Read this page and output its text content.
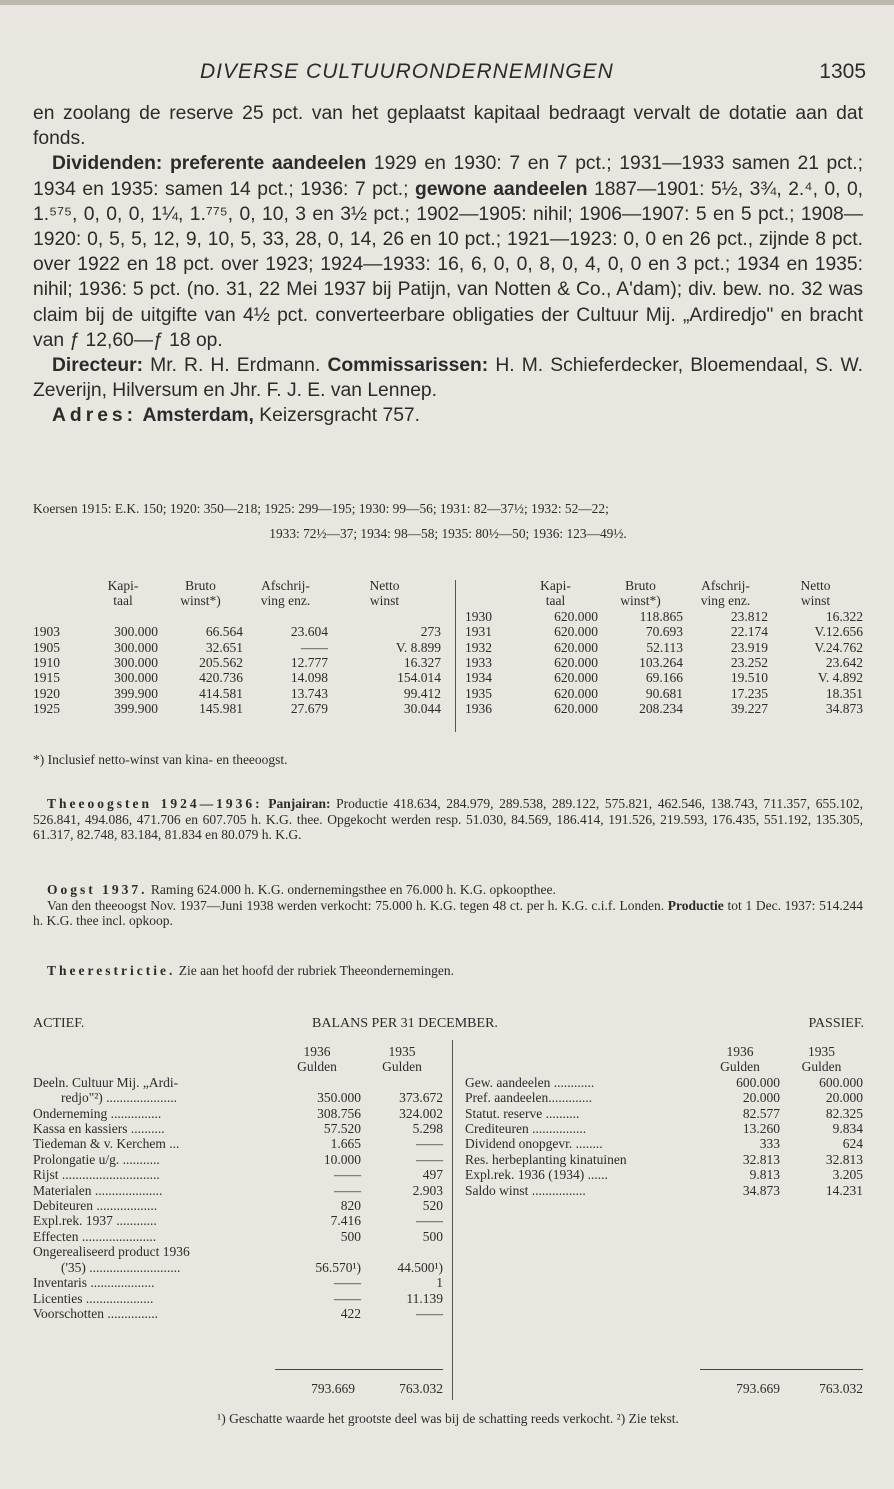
DIVERSE CULTUURONDERNEMINGEN	1305

en zoolang de reserve 25 pct. van het geplaatst kapitaal bedraagt vervalt de dotatie aan dat fonds.

Dividenden: preferente aandeelen 1929 en 1930: 7 en 7 pct.; 1931—1933 samen 21 pct.; 1934 en 1935: samen 14 pct.; 1936: 7 pct.; gewone aandeelen 1887—1901: 5½, 3¾, 2.⁴, 0, 0, 1.⁵⁷⁵, 0, 0, 0, 1¼, 1.⁷⁷⁵, 0, 10, 3 en 3½ pct.; 1902—1905: nihil; 1906—1907: 5 en 5 pct.; 1908—1920: 0, 5, 5, 12, 9, 10, 5, 33, 28, 0, 14, 26 en 10 pct.; 1921—1923: 0, 0 en 26 pct., zijnde 8 pct. over 1922 en 18 pct. over 1923; 1924—1933: 16, 6, 0, 0, 8, 0, 4, 0, 0 en 3 pct.; 1934 en 1935: nihil; 1936: 5 pct. (no. 31, 22 Mei 1937 bij Patijn, van Notten & Co., A'dam); div. bew. no. 32 was claim bij de uitgifte van 4½ pct. converteerbare obligaties der Cultuur Mij. „Ardiredjo" en bracht van ƒ 12,60—ƒ 18 op.

Directeur: Mr. R. H. Erdmann. Commissarissen: H. M. Schieferdecker, Bloemendaal, S. W. Zeverijn, Hilversum en Jhr. F. J. E. van Lennep.

Adres: Amsterdam, Keizersgracht 757.

Koersen 1915: E.K. 150; 1920: 350—218; 1925: 299—195; 1930: 99—56; 1931: 82—37½; 1932: 52—22;
1933: 72½—37; 1934: 98—58; 1935: 80½—50; 1936: 123—49½.
	Kapi-	Bruto	Afschrij-	Netto
	taal	winst*)	ving enz.	winst

1903	300.000	66.564	23.604	273
1905	300.000	32.651	——	V. 8.899
1910	300.000	205.562	12.777	16.327
1915	300.000	420.736	14.098	154.014
1920	399.900	414.581	13.743	99.412
1925	399.900	145.981	27.679	30.044
	Kapi-	Bruto	Afschrij-	Netto
	taal	winst*)	ving enz.	winst
1930	620.000	118.865	23.812	16.322
1931	620.000	70.693	22.174	V.12.656
1932	620.000	52.113	23.919	V.24.762
1933	620.000	103.264	23.252	23.642
1934	620.000	69.166	19.510	V. 4.892
1935	620.000	90.681	17.235	18.351
1936	620.000	208.234	39.227	34.873
*) Inclusief netto-winst van kina- en theeoogst.

Theeoogsten 1924—1936: Panjairan: Productie 418.634, 284.979, 289.538, 289.122, 575.821, 462.546, 138.743, 711.357, 655.102, 526.841, 494.086, 471.706 en 607.705 h. K.G. thee. Opgekocht werden resp. 51.030, 84.569, 186.414, 191.526, 219.593, 176.435, 551.192, 135.305, 61.317, 82.748, 83.184, 81.834 en 80.079 h. K.G.

Oogst 1937. Raming 624.000 h. K.G. ondernemingsthee en 76.000 h. K.G. opkoopthee.

Van den theeoogst Nov. 1937—Juni 1938 werden verkocht: 75.000 h. K.G. tegen 48 ct. per h. K.G. c.i.f. Londen. Productie tot 1 Dec. 1937: 514.244 h. K.G. thee incl. opkoop.

Theerestrictie. Zie aan het hoofd der rubriek Theeondernemingen.

ACTIEF.	BALANS PER 31 DECEMBER.	PASSIEF.
	1936	1935
	Gulden	Gulden
Deeln. Cultuur Mij. „Ardi-		
redjo"²) .....................	350.000	373.672
Onderneming ...............	308.756	324.002
Kassa en kassiers ..........	57.520	5.298
Tiedeman & v. Kerchem ...	1.665	——
Prolongatie u/g. ...........	10.000	——
Rijst .............................	——	497
Materialen ....................	——	2.903
Debiteuren ..................	820	520
Expl.rek. 1937 ............	7.416	——
Effecten ......................	500	500
Ongerealiseerd product 1936		
('35) ...........................	56.570¹)	44.500¹)
Inventaris ...................	——	1
Licenties ....................	——	11.139
Voorschotten ...............	422	——
793.669	763.032
	1936	1935
	Gulden	Gulden
Gew. aandeelen ............	600.000	600.000
Pref. aandeelen.............	20.000	20.000
Statut. reserve ..........	82.577	82.325
Crediteuren ................	13.260	9.834
Dividend onopgevr. ........	333	624
Res. herbeplanting kinatuinen	32.813	32.813
Expl.rek. 1936 (1934) ......	9.813	3.205
Saldo winst ................	34.873	14.231
793.669	763.032
¹) Geschatte waarde het grootste deel was bij de schatting reeds verkocht. ²) Zie tekst.
